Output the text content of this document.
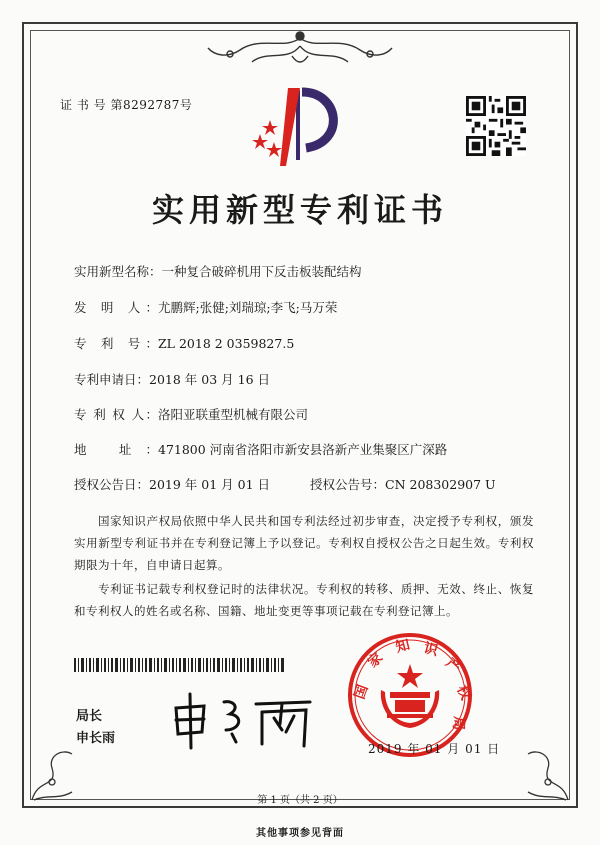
证 书 号 第8292787号
实用新型专利证书
实用新型名称：一种复合破碎机用下反击板装配结构
发 明 人：尤鹏辉;张健;刘瑞琼;李飞;马万荣
专 利 号：ZL 2018 2 0359827.5
专利申请日：2018 年 03 月 16 日
专 利 权 人：洛阳亚联重型机械有限公司
地 址：471800 河南省洛阳市新安县洛新产业集聚区广深路
授权公告日：2019 年 01 月 01 日	授权公告号：CN 208302907 U
国家知识产权局依照中华人民共和国专利法经过初步审查，决定授予专利权，颁发实用新型专利证书并在专利登记簿上予以登记。专利权自授权公告之日起生效。专利权期限为十年，自申请日起算。
专利证书记载专利权登记时的法律状况。专利权的转移、质押、无效、终止、恢复和专利权人的姓名或名称、国籍、地址变更等事项记载在专利登记簿上。
局长
申长雨
国
家
知 识
产
权
局
2019 年 01 月 01 日
第 1 页（共 2 页）
其他事项参见背面
